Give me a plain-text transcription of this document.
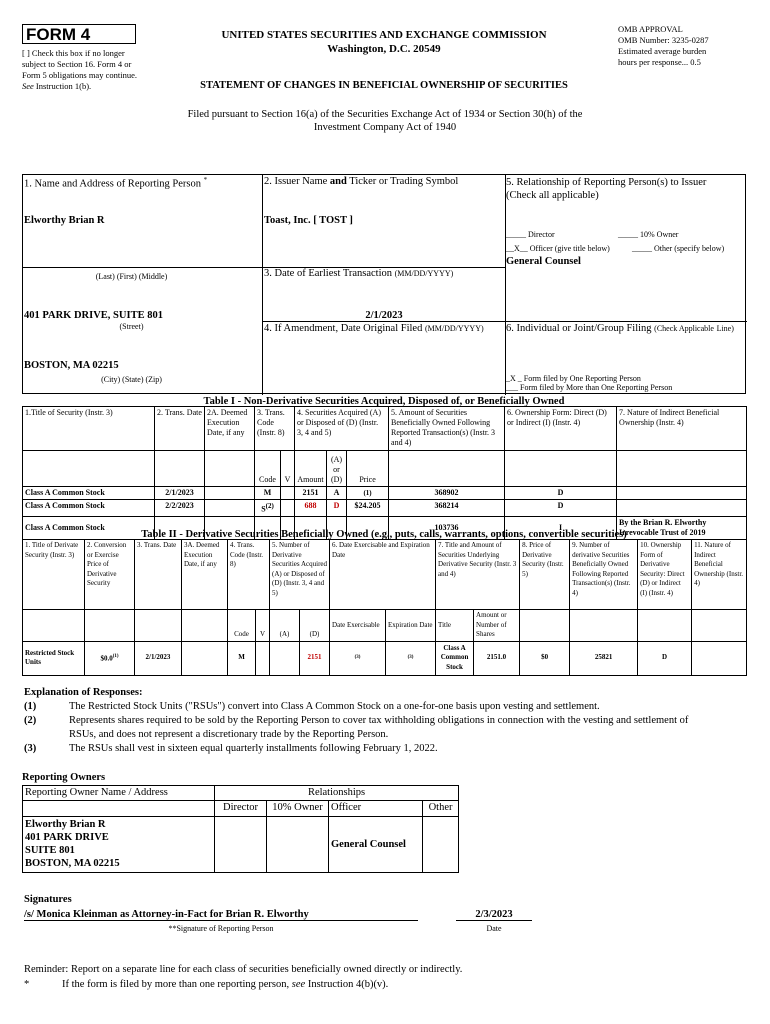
FORM 4
[ ] Check this box if no longer subject to Section 16. Form 4 or Form 5 obligations may continue. See Instruction 1(b).
UNITED STATES SECURITIES AND EXCHANGE COMMISSION
Washington, D.C. 20549
OMB APPROVAL
OMB Number: 3235-0287
Estimated average burden
hours per response... 0.5
STATEMENT OF CHANGES IN BENEFICIAL OWNERSHIP OF SECURITIES
Filed pursuant to Section 16(a) of the Securities Exchange Act of 1934 or Section 30(h) of the
Investment Company Act of 1940
1. Name and Address of Reporting Person *
Elworthy Brian R
(Last) (First) (Middle)
401 PARK DRIVE, SUITE 801
(Street)
BOSTON, MA 02215
(City) (State) (Zip)
2. Issuer Name and Ticker or Trading Symbol
Toast, Inc. [ TOST ]
3. Date of Earliest Transaction (MM/DD/YYYY)
2/1/2023
4. If Amendment, Date Original Filed (MM/DD/YYYY)
5. Relationship of Reporting Person(s) to Issuer
(Check all applicable)
_____ Director	_____ 10% Owner
__X__ Officer (give title below)	_____ Other (specify below)
General Counsel
6. Individual or Joint/Group Filing (Check Applicable Line)
_X _ Form filed by One Reporting Person
___ Form filed by More than One Reporting Person
Table I - Non-Derivative Securities Acquired, Disposed of, or Beneficially Owned
1.Title of Security (Instr. 3)	2. Trans. Date	2A. Deemed Execution Date, if any	3. Trans. Code (Instr. 8)		4. Securities Acquired (A) or Disposed of (D) (Instr. 3, 4 and 5)			5. Amount of Securities Beneficially Owned Following Reported Transaction(s) (Instr. 3 and 4)	6. Ownership Form: Direct (D) or Indirect (I) (Instr. 4)	7. Nature of Indirect Beneficial Ownership (Instr. 4)
			Code	V	Amount	(A) or (D)	Price			
Class A Common Stock	2/1/2023		M		2151	A	(1)	368902	D	
Class A Common Stock	2/2/2023		$S^{(2)}$		688	D	$24.205	368214	D	
Class A Common Stock								103736	I	By the Brian R. Elworthy Irrevocable Trust of 2019
Table II - Derivative Securities Beneficially Owned (e.g., puts, calls, warrants, options, convertible securities)
1. Title of Derivate Security (Instr. 3)	2. Conversion or Exercise Price of Derivative Security	3. Trans. Date	3A. Deemed Execution Date, if any	4. Trans. Code (Instr. 8)		5. Number of Derivative Securities Acquired (A) or Disposed of (D) (Instr. 3, 4 and 5)		6. Date Exercisable and Expiration Date		7. Title and Amount of Securities Underlying Derivative Security (Instr. 3 and 4)		8. Price of Derivative Security (Instr. 5)	9. Number of derivative Securities Beneficially Owned Following Reported Transaction(s) (Instr. 4)	10. Ownership Form of Derivative Security: Direct (D) or Indirect (I) (Instr. 4)	11. Nature of Indirect Beneficial Ownership (Instr. 4)
				Code	V	(A)	(D)	Date Exercisable	Expiration Date	Title	Amount or Number of Shares				
Restricted Stock Units	$0.0$^{(1)}$	2/1/2023		M			2151	(3)	(3)	Class A Common Stock	2151.0	$0	25821	D	
Explanation of Responses:
(1)	The Restricted Stock Units ("RSUs") convert into Class A Common Stock on a one-for-one basis upon vesting and settlement.
(2)	Represents shares required to be sold by the Reporting Person to cover tax withholding obligations in connection with the vesting and settlement of
RSUs, and does not represent a discretionary trade by the Reporting Person.
(3)	The RSUs shall vest in sixteen equal quarterly installments following February 1, 2022.
Reporting Owners
Reporting Owner Name / Address	Relationships			
	Director	10% Owner	Officer	Other

Elworthy Brian R
401 PARK DRIVE
SUITE 801
BOSTON, MA 02215			General Counsel	
Signatures
/s/ Monica Kleinman as Attorney-in-Fact for Brian R. Elworthy	2/3/2023
**Signature of Reporting Person	Date
Reminder: Report on a separate line for each class of securities beneficially owned directly or indirectly.
*	If the form is filed by more than one reporting person, see Instruction 4(b)(v).
